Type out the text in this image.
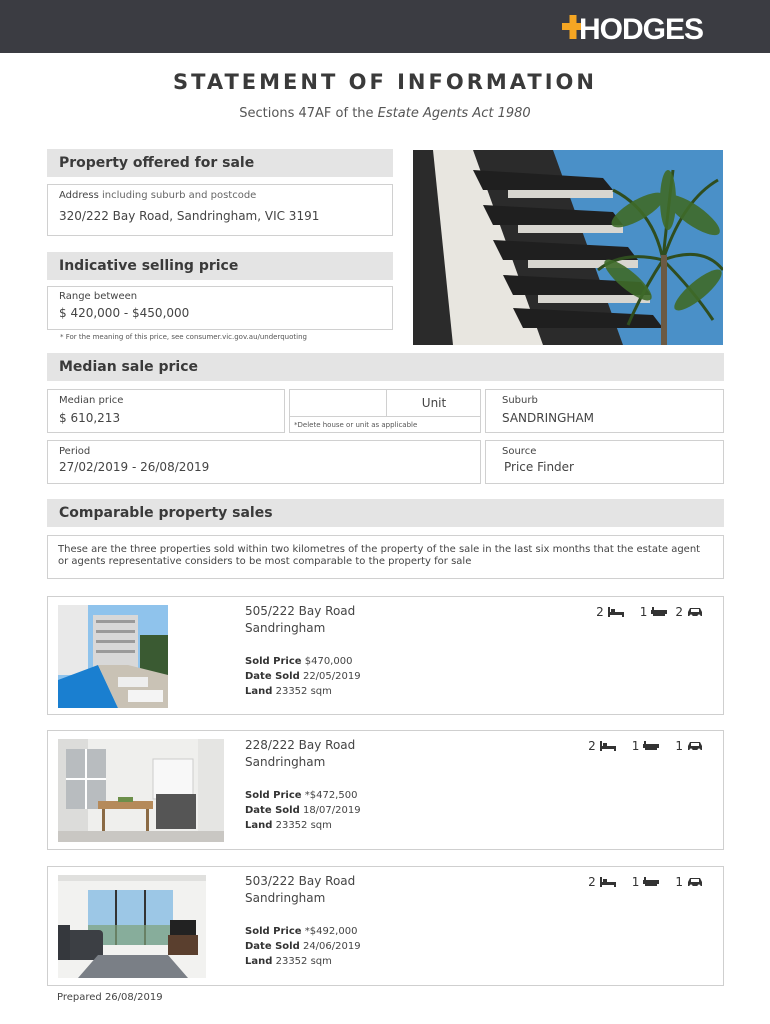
HODGES
STATEMENT OF INFORMATION
Sections 47AF of the Estate Agents Act 1980
Property offered for sale
Address including suburb and postcode
320/222 Bay Road, Sandringham, VIC 3191
Indicative selling price
Range between
$ 420,000 - $450,000
* For the meaning of this price, see consumer.vic.gov.au/underquoting
Median sale price
Median price
$ 610,213
Unit
*Delete house or unit as applicable
Suburb
SANDRINGHAM
Period
27/02/2019 - 26/08/2019
Source
Price Finder
Comparable property sales
These are the three properties sold within two kilometres of the property of the sale in the last six months that the estate agent or agents representative considers to be most comparable to the property for sale
505/222 Bay Road
Sandringham
Sold Price $470,000
Date Sold 22/05/2019
Land 23352 sqm
2	1 2
228/222 Bay Road
Sandringham
Sold Price *$472,500
Date Sold 18/07/2019
Land 23352 sqm
2	1	1
503/222 Bay Road
Sandringham
Sold Price *$492,000
Date Sold 24/06/2019
Land 23352 sqm
2	1	1
Prepared 26/08/2019
